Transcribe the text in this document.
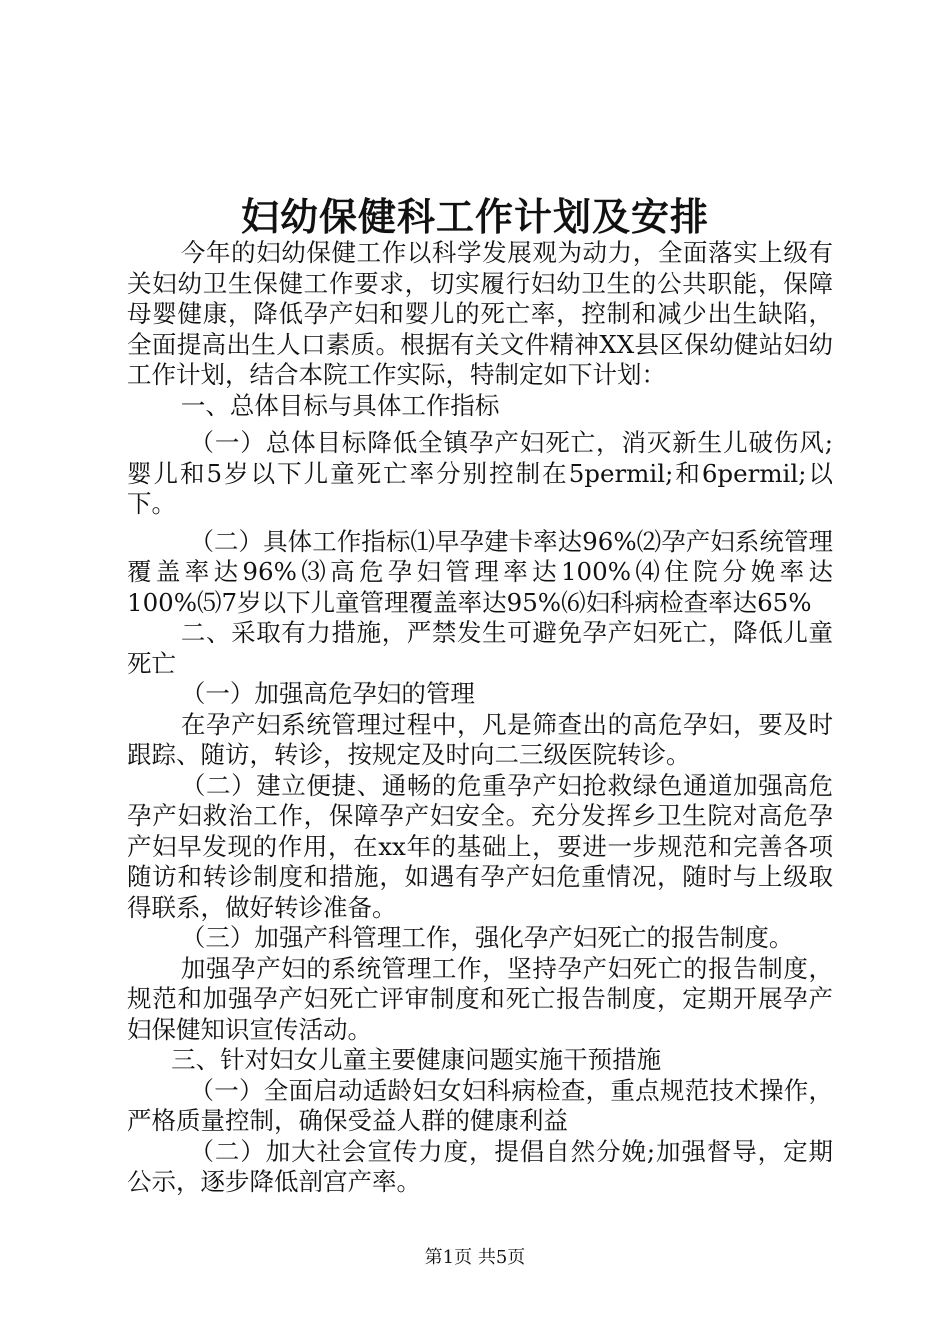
妇幼保健科工作计划及安排

今年的妇幼保健工作以科学发展观为动力，全面落实上级有关妇幼卫生保健工作要求，切实履行妇幼卫生的公共职能，保障母婴健康，降低孕产妇和婴儿的死亡率，控制和减少出生缺陷，全面提高出生人口素质。根据有关文件精神XX县区保幼健站妇幼工作计划，结合本院工作实际，特制定如下计划：

一、总体目标与具体工作指标

（一）总体目标降低全镇孕产妇死亡，消灭新生儿破伤风;婴儿和5岁以下儿童死亡率分别控制在5permil;和6permil;以下。

（二）具体工作指标⑴早孕建卡率达96%⑵孕产妇系统管理覆盖率达96%⑶高危孕妇管理率达100%⑷住院分娩率达100%⑸7岁以下儿童管理覆盖率达95%⑹妇科病检查率达65%

二、采取有力措施，严禁发生可避免孕产妇死亡，降低儿童死亡

（一）加强高危孕妇的管理

在孕产妇系统管理过程中，凡是筛查出的高危孕妇，要及时跟踪、随访，转诊，按规定及时向二三级医院转诊。

（二）建立便捷、通畅的危重孕产妇抢救绿色通道加强高危孕产妇救治工作，保障孕产妇安全。充分发挥乡卫生院对高危孕产妇早发现的作用，在xx年的基础上，要进一步规范和完善各项随访和转诊制度和措施，如遇有孕产妇危重情况，随时与上级取得联系，做好转诊准备。

（三）加强产科管理工作，强化孕产妇死亡的报告制度。

加强孕产妇的系统管理工作，坚持孕产妇死亡的报告制度，规范和加强孕产妇死亡评审制度和死亡报告制度，定期开展孕产妇保健知识宣传活动。

三、针对妇女儿童主要健康问题实施干预措施

（一）全面启动适龄妇女妇科病检查，重点规范技术操作，严格质量控制，确保受益人群的健康利益

（二）加大社会宣传力度，提倡自然分娩;加强督导，定期公示，逐步降低剖宫产率。

第1页 共5页
